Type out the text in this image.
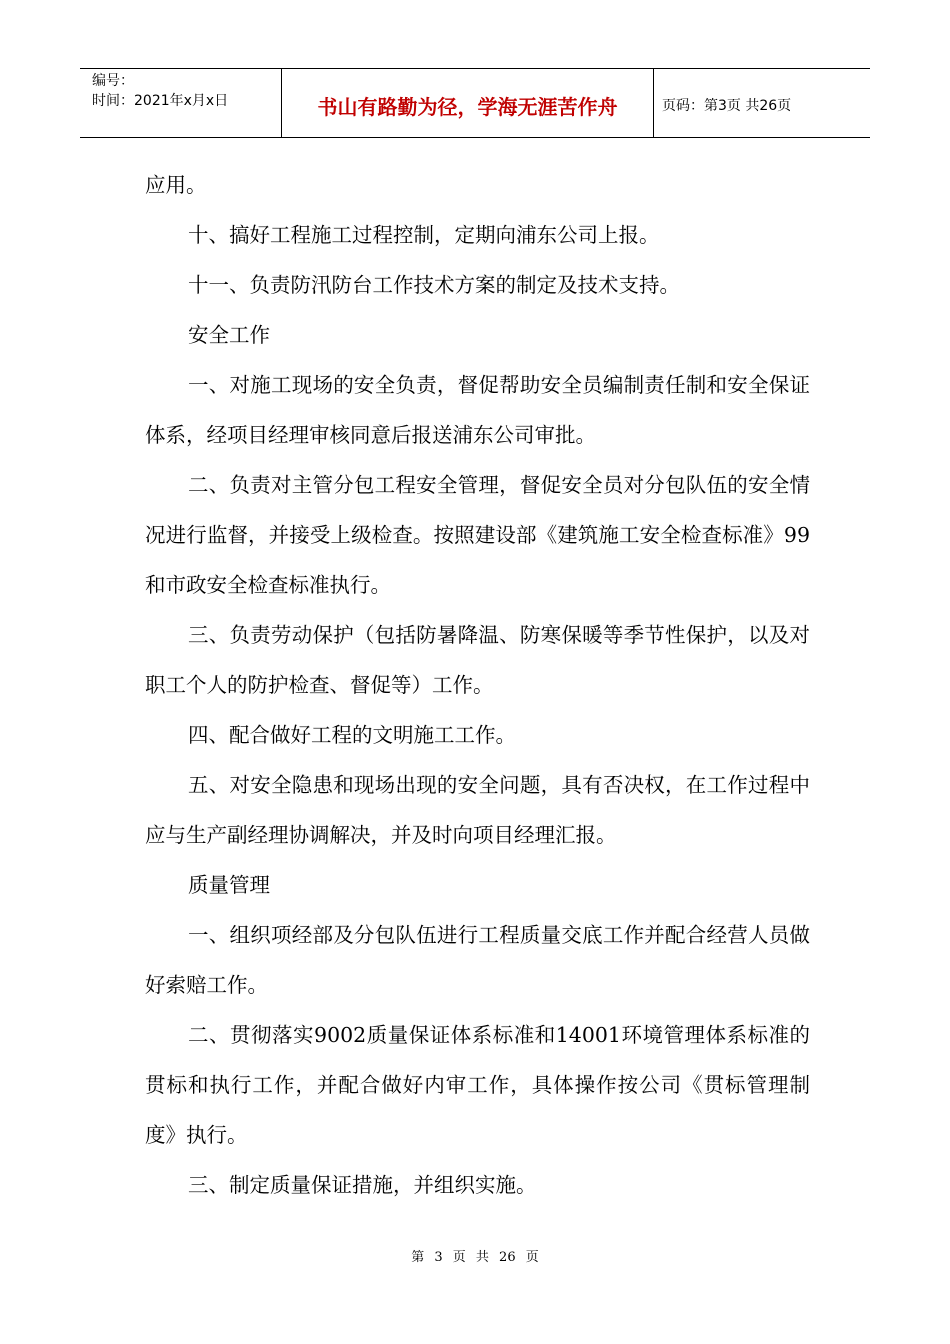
编号：
时间：2021年x月x日	书山有路勤为径，学海无涯苦作舟	页码：第3页 共26页

应用。

十、搞好工程施工过程控制，定期向浦东公司上报。

十一、负责防汛防台工作技术方案的制定及技术支持。

安全工作

一、对施工现场的安全负责，督促帮助安全员编制责任制和安全保证体系，经项目经理审核同意后报送浦东公司审批。

二、负责对主管分包工程安全管理，督促安全员对分包队伍的安全情况进行监督，并接受上级检查。按照建设部《建筑施工安全检查标准》99和市政安全检查标准执行。

三、负责劳动保护（包括防暑降温、防寒保暖等季节性保护，以及对职工个人的防护检查、督促等）工作。

四、配合做好工程的文明施工工作。

五、对安全隐患和现场出现的安全问题，具有否决权，在工作过程中应与生产副经理协调解决，并及时向项目经理汇报。

质量管理

一、组织项经部及分包队伍进行工程质量交底工作并配合经营人员做好索赔工作。

二、贯彻落实9002质量保证体系标准和14001环境管理体系标准的贯标和执行工作，并配合做好内审工作，具体操作按公司《贯标管理制度》执行。

三、制定质量保证措施，并组织实施。

第 3 页 共 26 页
